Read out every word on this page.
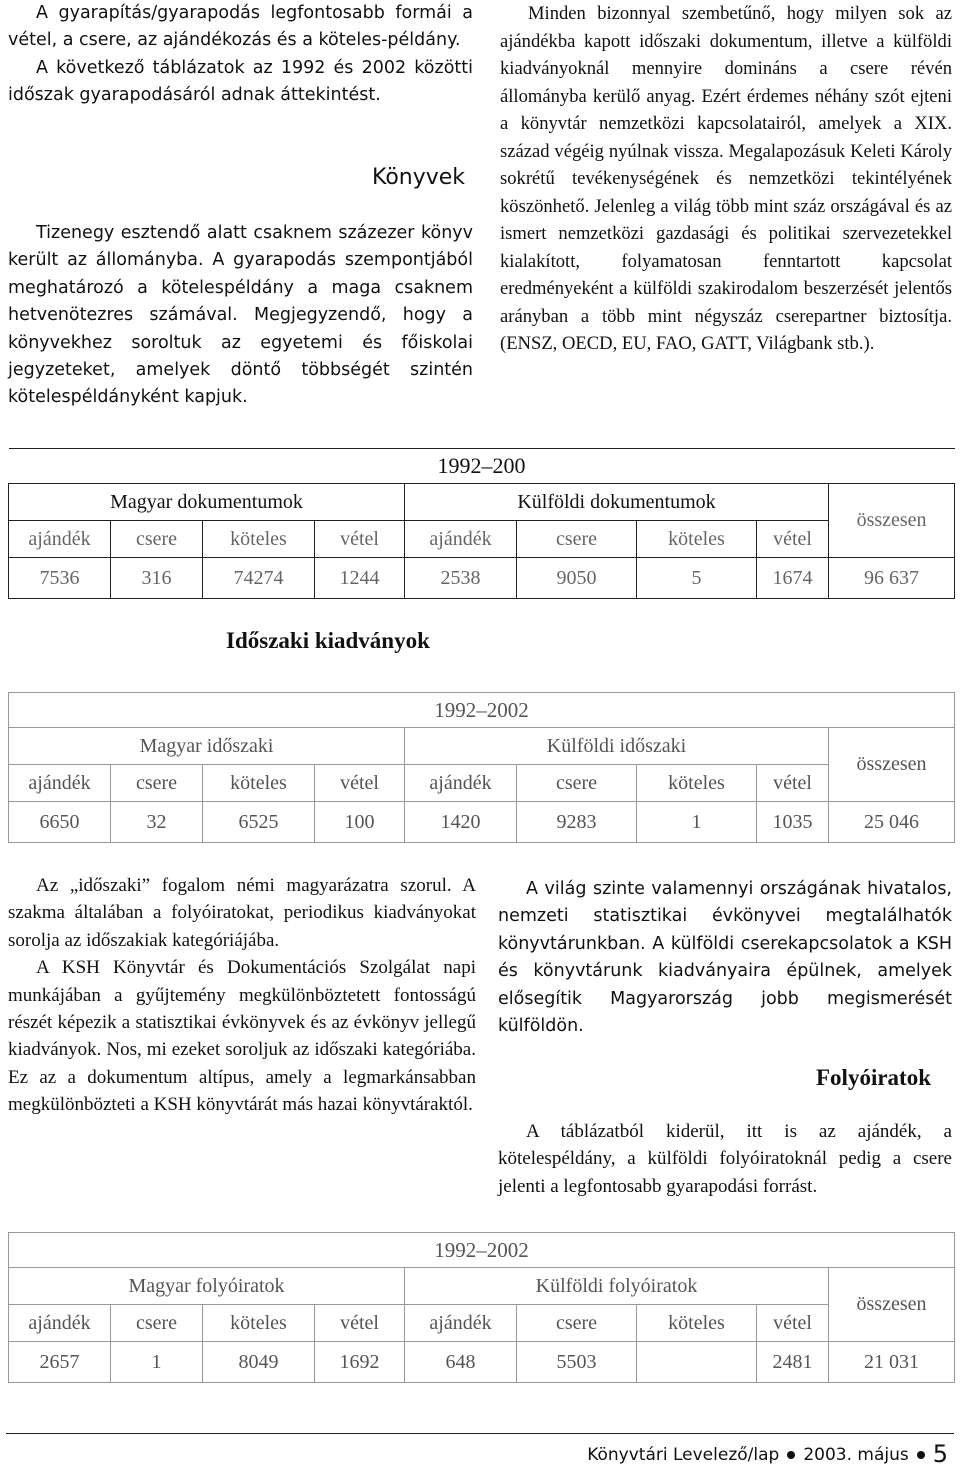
A gyarapítás/gyarapodás legfontosabb formái a vétel, a csere, az ajándékozás és a köteles-példány.

A következő táblázatok az 1992 és 2002 közötti időszak gyarapodásáról adnak áttekintést.

Könyvek

Tizenegy esztendő alatt csaknem százezer könyv került az állományba. A gyarapodás szempontjából meghatározó a kötelespéldány a maga csaknem hetvenötezres számával. Megjegyzendő, hogy a könyvekhez soroltuk az egyetemi és főiskolai jegyzeteket, amelyek döntő többségét szintén kötelespéldányként kapjuk.

Minden bizonnyal szembetűnő, hogy milyen sok az ajándékba kapott időszaki dokumentum, illetve a külföldi kiadványoknál mennyire domináns a csere révén állományba kerülő anyag. Ezért érdemes néhány szót ejteni a könyvtár nemzetközi kapcsolatairól, amelyek a XIX. század végéig nyúlnak vissza. Megalapozásuk Keleti Károly sokrétű tevékenységének és nemzetközi tekintélyének köszönhető. Jelenleg a világ több mint száz országával és az ismert nemzetközi gazdasági és politikai szervezetekkel kialakított, folyamatosan fenntartott kapcsolat eredményeként a külföldi szakirodalom beszerzését jelentős arányban a több mint négyszáz cserepartner biztosítja. (ENSZ, OECD, EU, FAO, GATT, Világbank stb.).

1992–200								
Magyar dokumentumok				Külföldi dokumentumok				összesen
ajándék	csere	köteles	vétel	ajándék	csere	köteles	vétel	
7536	316	74274	1244	2538	9050	5	1674	96 637
Időszaki kiadványok
1992–2002								
Magyar időszaki				Külföldi időszaki				összesen
ajándék	csere	köteles	vétel	ajándék	csere	köteles	vétel	
6650	32	6525	100	1420	9283	1	1035	25 046

Az „időszaki” fogalom némi magyarázatra szorul. A szakma általában a folyóiratokat, periodikus kiadványokat sorolja az időszakiak kategóriájába.

A KSH Könyvtár és Dokumentációs Szolgálat napi munkájában a gyűjtemény megkülönböztetett fontosságú részét képezik a statisztikai évkönyvek és az évkönyv jellegű kiadványok. Nos, mi ezeket soroljuk az időszaki kategóriába. Ez az a dokumentum altípus, amely a legmarkánsabban megkülönbözteti a KSH könyvtárát más hazai könyvtáraktól.

A világ szinte valamennyi országának hivatalos, nemzeti statisztikai évkönyvei megtalálhatók könyvtárunkban. A külföldi cserekapcsolatok a KSH és könyvtárunk kiadványaira épülnek, amelyek elősegítik Magyarország jobb megismerését külföldön.

Folyóiratok

A táblázatból kiderül, itt is az ajándék, a kötelespéldány, a külföldi folyóiratoknál pedig a csere jelenti a legfontosabb gyarapodási forrást.

1992–2002								
Magyar folyóiratok				Külföldi folyóiratok				összesen
ajándék	csere	köteles	vétel	ajándék	csere	köteles	vétel	
2657	1	8049	1692	648	5503		2481	21 031
Könyvtári Levelező/lap 2003. május 5
